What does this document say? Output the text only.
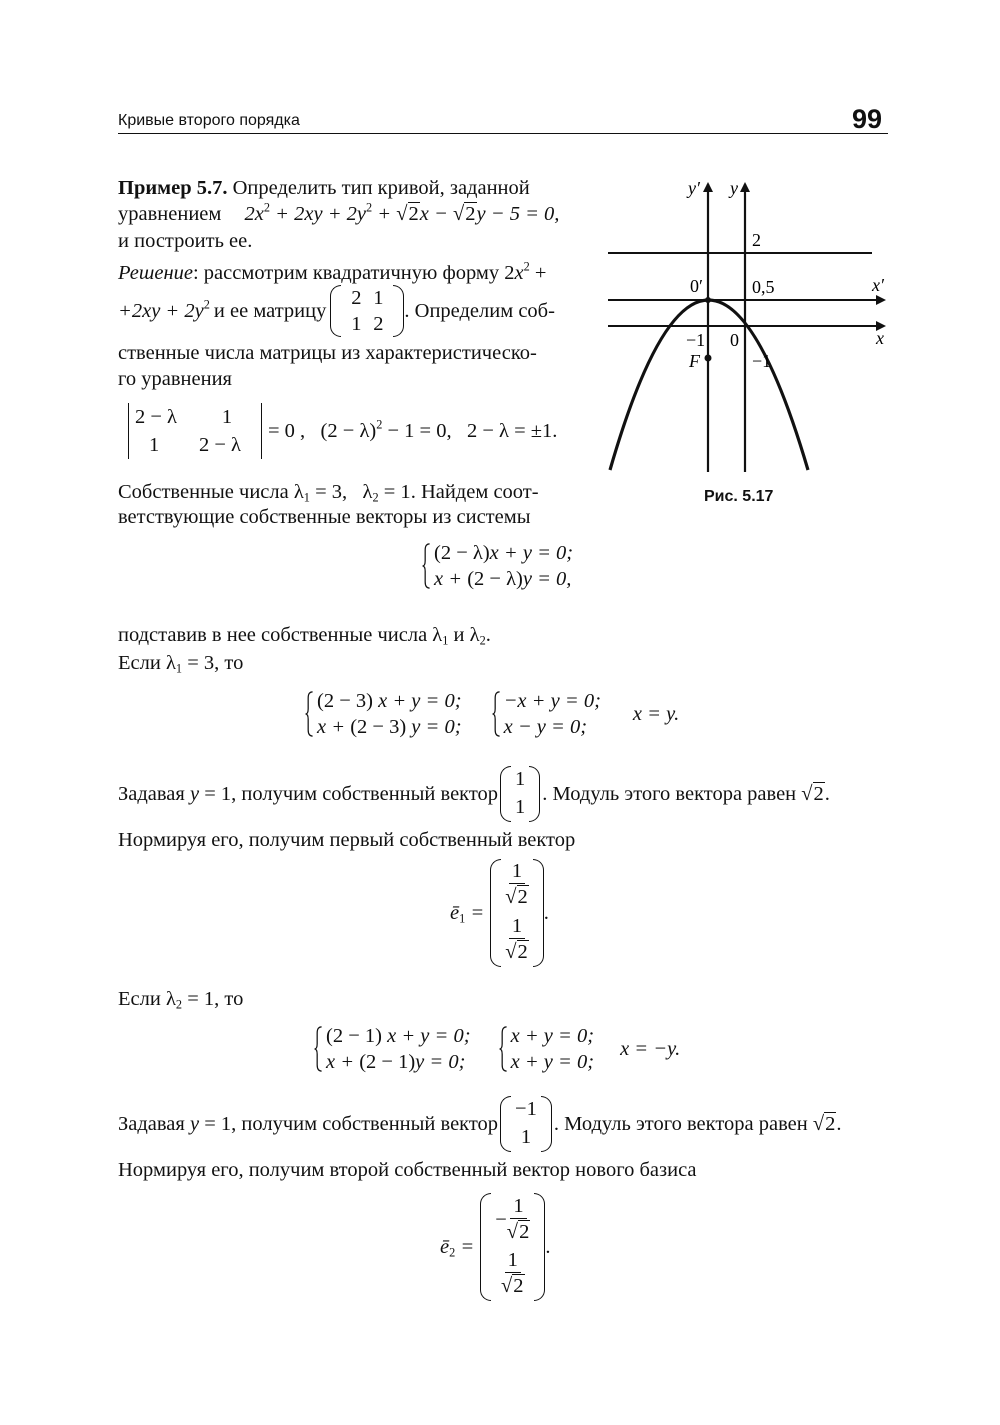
Кривые второго порядка	99
Пример 5.7. Определить тип кривой, заданной
уравнением $2x^2 + 2xy + 2y^2 + √2x - √2y - 5 = 0$,
и построить ее.
Решение: рассмотрим квадратичную форму $2x^2$ +
$+2xy + 2y^2$ и ее матрицу
2 1
1 2
. Определим соб-
ственные числа матрицы из характеристическо-
го уравнения
2 − λ	1
1	2 − λ
= 0 ,   $(2 - \lambda)^2 - 1 = 0$,   2 − λ = ±1.
Собственные числа $\lambda_1 = 3$,   $\lambda_2 = 1$. Найдем соот-
ветствующие собственные векторы из системы
(2 − λ)x + y = 0;
x + (2 − λ)y = 0,
подставив в нее собственные числа $\lambda_1$ и $\lambda_2$.
Если $\lambda_1 = 3$, то
(2 − 3) x + y = 0;
x + (2 − 3) y = 0;
−x + y = 0;
x − y = 0;
x = y.
Задавая
y = 1 , получим собственный вектор
1
1
. Модуль этого вектора равен
√2 .
Нормируя его, получим первый собственный вектор
$ē_1$ =
$\frac{1}{√2}$
$\frac{1}{√2}$
.
Если $\lambda_2 = 1$, то
(2 − 1) x + y = 0;
x + (2 − 1)y = 0;
x + y = 0;
x + y = 0;
x = −y.
Задавая
y = 1 , получим собственный вектор
−1
1
. Модуль этого вектора равен
√2 .
Нормируя его, получим второй собственный вектор нового базиса
$ē_2$ =
− $\frac{1}{√2}$
$\frac{1}{√2}$
.
y′ y
2
0′	0,5	x′
x
−1 0
F	−1
Рис. 5.17
